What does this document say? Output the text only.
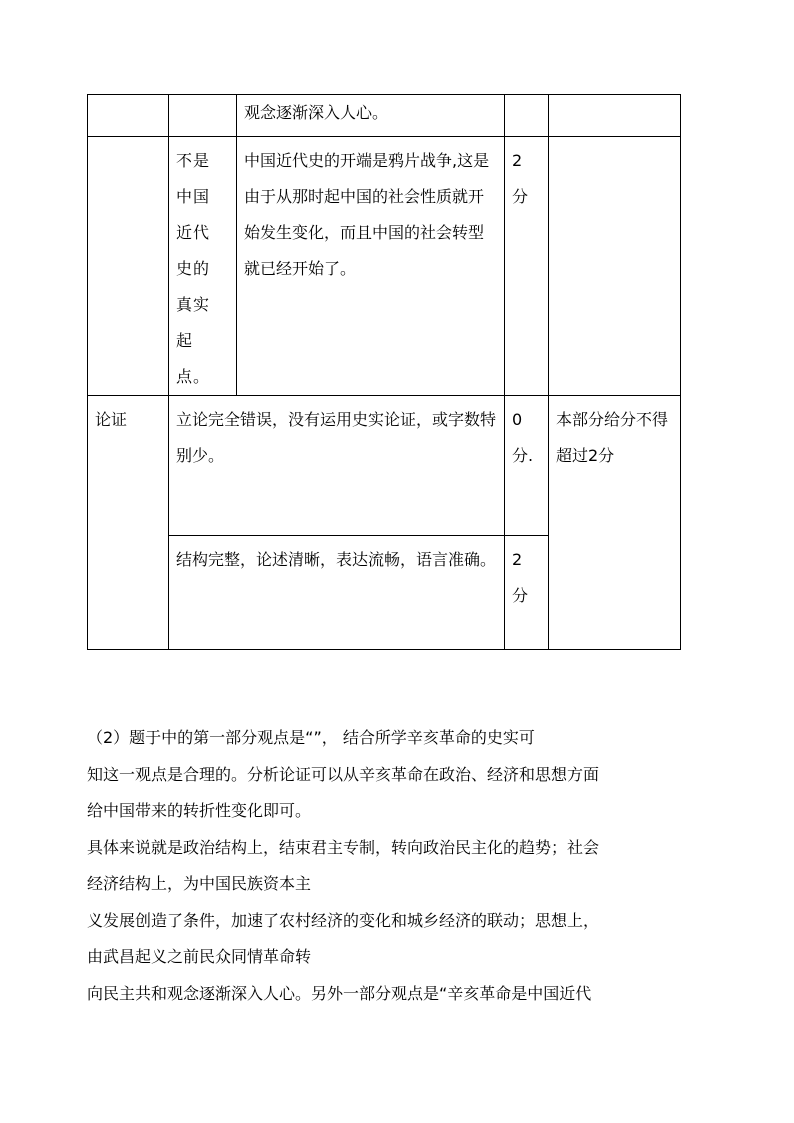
		观念逐渐深入人心。		

	不是中国近代史的真实起点。	中国近代史的开端是鸦片战争,这是由于从那时起中国的社会性质就开始发生变化，而且中国的社会转型就已经开始了。	2分	

论证	立论完全错误，没有运用史实论证，或字数特别少。		0分.	本部分给分不得超过2分
	结构完整，论述清晰，表达流畅，语言准确。		2分	

（2）题于中的第一部分观点是“”， 结合所学辛亥革命的史实可

知这一观点是合理的。分析论证可以从辛亥革命在政治、经济和思想方面

给中国带来的转折性变化即可。

具体来说就是政治结构上，结束君主专制，转向政治民主化的趋势；社会

经济结构上，为中国民族资本主

义发展创造了条件，加速了农村经济的变化和城乡经济的联动；思想上，

由武昌起义之前民众同情革命转

向民主共和观念逐渐深入人心。另外一部分观点是“辛亥革命是中国近代
